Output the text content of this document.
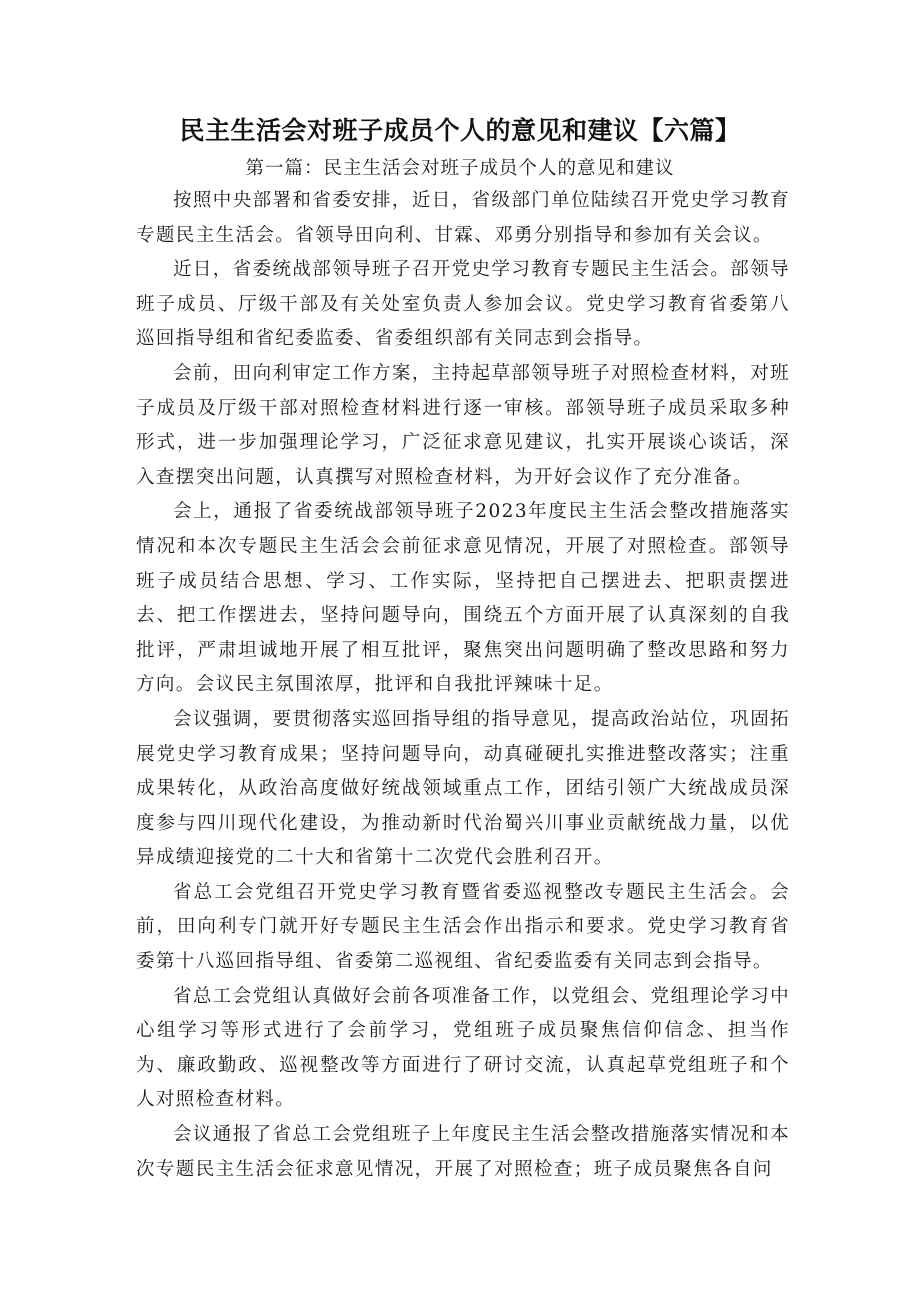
民主生活会对班子成员个人的意见和建议【六篇】
第一篇：民主生活会对班子成员个人的意见和建议

按照中央部署和省委安排，近日，省级部门单位陆续召开党史学习教育专题民主生活会。省领导田向利、甘霖、邓勇分别指导和参加有关会议。

近日，省委统战部领导班子召开党史学习教育专题民主生活会。部领导班子成员、厅级干部及有关处室负责人参加会议。党史学习教育省委第八巡回指导组和省纪委监委、省委组织部有关同志到会指导。

会前，田向利审定工作方案，主持起草部领导班子对照检查材料，对班子成员及厅级干部对照检查材料进行逐一审核。部领导班子成员采取多种形式，进一步加强理论学习，广泛征求意见建议，扎实开展谈心谈话，深入查摆突出问题，认真撰写对照检查材料，为开好会议作了充分准备。

会上，通报了省委统战部领导班子2023年度民主生活会整改措施落实情况和本次专题民主生活会会前征求意见情况，开展了对照检查。部领导班子成员结合思想、学习、工作实际，坚持把自己摆进去、把职责摆进去、把工作摆进去，坚持问题导向，围绕五个方面开展了认真深刻的自我批评，严肃坦诚地开展了相互批评，聚焦突出问题明确了整改思路和努力方向。会议民主氛围浓厚，批评和自我批评辣味十足。

会议强调，要贯彻落实巡回指导组的指导意见，提高政治站位，巩固拓展党史学习教育成果；坚持问题导向，动真碰硬扎实推进整改落实；注重成果转化，从政治高度做好统战领域重点工作，团结引领广大统战成员深度参与四川现代化建设，为推动新时代治蜀兴川事业贡献统战力量，以优异成绩迎接党的二十大和省第十二次党代会胜利召开。

省总工会党组召开党史学习教育暨省委巡视整改专题民主生活会。会前，田向利专门就开好专题民主生活会作出指示和要求。党史学习教育省委第十八巡回指导组、省委第二巡视组、省纪委监委有关同志到会指导。

省总工会党组认真做好会前各项准备工作，以党组会、党组理论学习中心组学习等形式进行了会前学习，党组班子成员聚焦信仰信念、担当作为、廉政勤政、巡视整改等方面进行了研讨交流，认真起草党组班子和个人对照检查材料。

会议通报了省总工会党组班子上年度民主生活会整改措施落实情况和本次专题民主生活会征求意见情况，开展了对照检查；班子成员聚焦各自问
